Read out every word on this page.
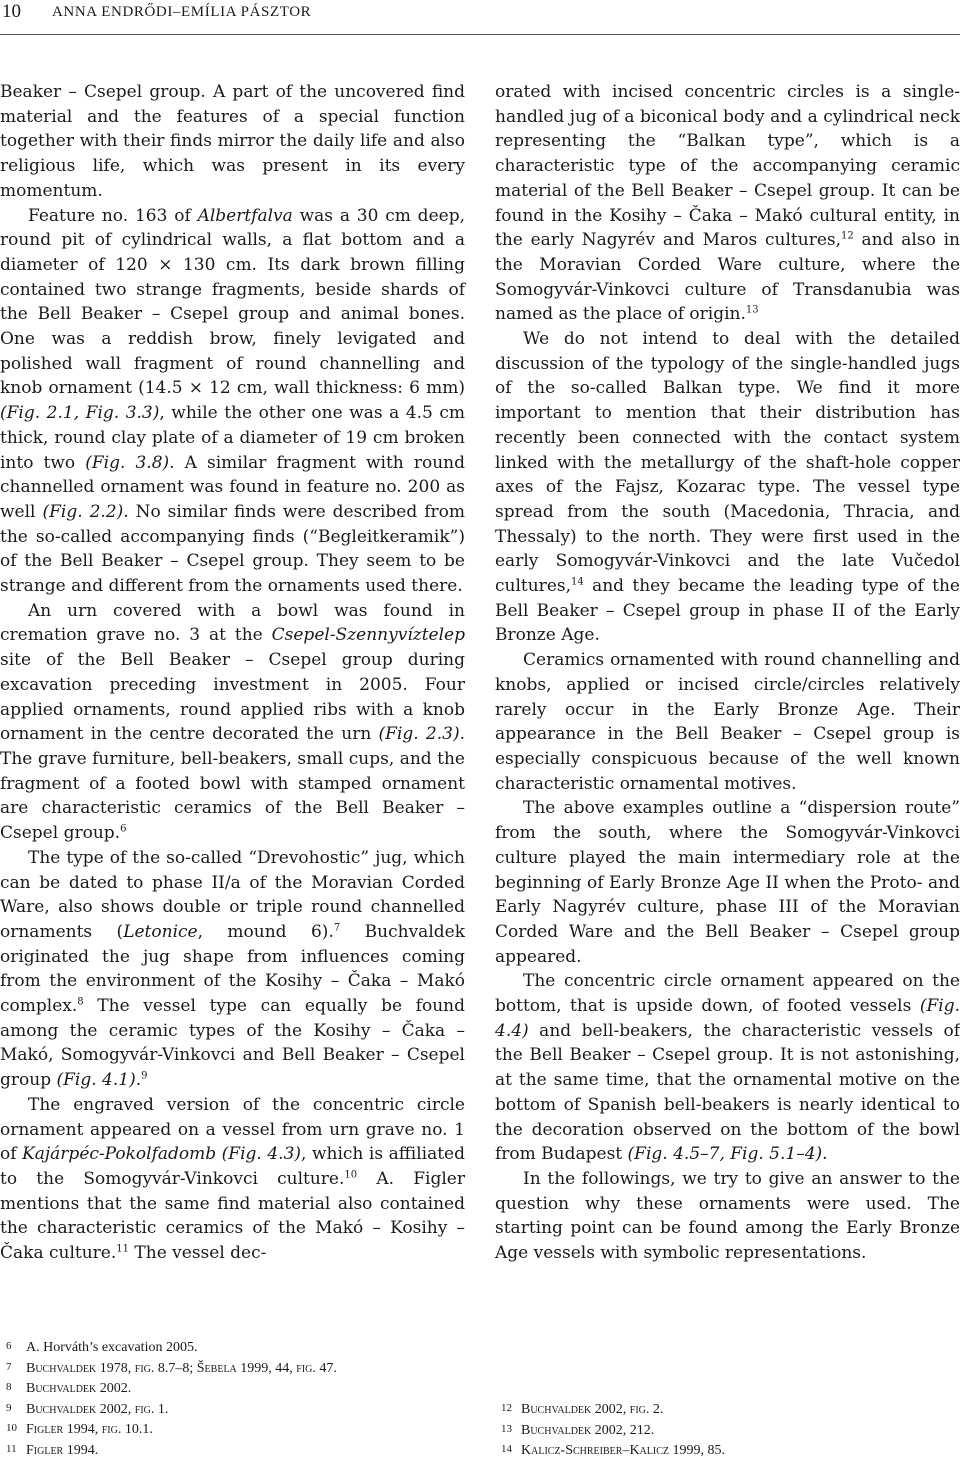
10 ANNA ENDRŐDI–EMÍLIA PÁSZTOR

Beaker – Csepel group. A part of the uncovered find material and the features of a special function together with their finds mirror the daily life and also religious life, which was present in its every momentum.

Feature no. 163 of Albertfalva was a 30 cm deep, round pit of cylindrical walls, a flat bottom and a diameter of 120 × 130 cm. Its dark brown filling contained two strange fragments, beside shards of the Bell Beaker – Csepel group and animal bones. One was a reddish brow, finely levigated and polished wall fragment of round channelling and knob ornament (14.5 × 12 cm, wall thickness: 6 mm) (Fig. 2.1, Fig. 3.3), while the other one was a 4.5 cm thick, round clay plate of a diameter of 19 cm broken into two (Fig. 3.8). A similar fragment with round channelled ornament was found in feature no. 200 as well (Fig. 2.2). No similar finds were described from the so-called accompanying finds (“Begleitkeramik”) of the Bell Beaker – Csepel group. They seem to be strange and different from the ornaments used there.

An urn covered with a bowl was found in cremation grave no. 3 at the Csepel-Szennyvíztelep site of the Bell Beaker – Csepel group during excavation preceding investment in 2005. Four applied ornaments, round applied ribs with a knob ornament in the centre decorated the urn (Fig. 2.3). The grave furniture, bell-beakers, small cups, and the fragment of a footed bowl with stamped ornament are characteristic ceramics of the Bell Beaker – Csepel group.$^6$

The type of the so-called “Drevohostic” jug, which can be dated to phase II/a of the Moravian Corded Ware, also shows double or triple round channelled ornaments (Letonice, mound 6).$^7$ Buchvaldek originated the jug shape from influences coming from the environment of the Kosihy – Čaka – Makó complex.$^8$ The vessel type can equally be found among the ceramic types of the Kosihy – Čaka – Makó, Somogyvár-Vinkovci and Bell Beaker – Csepel group (Fig. 4.1).$^9$

The engraved version of the concentric circle ornament appeared on a vessel from urn grave no. 1 of Kajárpéc-Pokolfadomb (Fig. 4.3), which is affiliated to the Somogyvár-Vinkovci culture.$^{10}$ A. Figler mentions that the same find material also contained the characteristic ceramics of the Makó – Kosihy – Čaka culture.$^{11}$ The vessel dec-

orated with incised concentric circles is a single-handled jug of a biconical body and a cylindrical neck representing the “Balkan type”, which is a characteristic type of the accompanying ceramic material of the Bell Beaker – Csepel group. It can be found in the Kosihy – Čaka – Makó cultural entity, in the early Nagyrév and Maros cultures,$^{12}$ and also in the Moravian Corded Ware culture, where the Somogyvár-Vinkovci culture of Transdanubia was named as the place of origin.$^{13}$

We do not intend to deal with the detailed discussion of the typology of the single-handled jugs of the so-called Balkan type. We find it more important to mention that their distribution has recently been connected with the contact system linked with the metallurgy of the shaft-hole copper axes of the Fajsz, Kozarac type. The vessel type spread from the south (Macedonia, Thracia, and Thessaly) to the north. They were first used in the early Somogyvár-Vinkovci and the late Vučedol cultures,$^{14}$ and they became the leading type of the Bell Beaker – Csepel group in phase II of the Early Bronze Age.

Ceramics ornamented with round channelling and knobs, applied or incised circle/circles relatively rarely occur in the Early Bronze Age. Their appearance in the Bell Beaker – Csepel group is especially conspicuous because of the well known characteristic ornamental motives.

The above examples outline a “dispersion route” from the south, where the Somogyvár-Vinkovci culture played the main intermediary role at the beginning of Early Bronze Age II when the Proto- and Early Nagyrév culture, phase III of the Moravian Corded Ware and the Bell Beaker – Csepel group appeared.

The concentric circle ornament appeared on the bottom, that is upside down, of footed vessels (Fig. 4.4) and bell-beakers, the characteristic vessels of the Bell Beaker – Csepel group. It is not astonishing, at the same time, that the ornamental motive on the bottom of Spanish bell-beakers is nearly identical to the decoration observed on the bottom of the bowl from Budapest (Fig. 4.5–7, Fig. 5.1–4).

In the followings, we try to give an answer to the question why these ornaments were used. The starting point can be found among the Early Bronze Age vessels with symbolic representations.

6	A. Horváth’s excavation 2005.
7	Buchvaldek 1978, fig. 8.7–8; Šebela 1999, 44, fig. 47.
8	Buchvaldek 2002.
9	Buchvaldek 2002, fig. 1.
10 Figler 1994, fig. 10.1.
11 Figler 1994.
12 Buchvaldek 2002, fig. 2.
13 Buchvaldek 2002, 212.
14 Kalicz-Schreiber–Kalicz 1999, 85.
